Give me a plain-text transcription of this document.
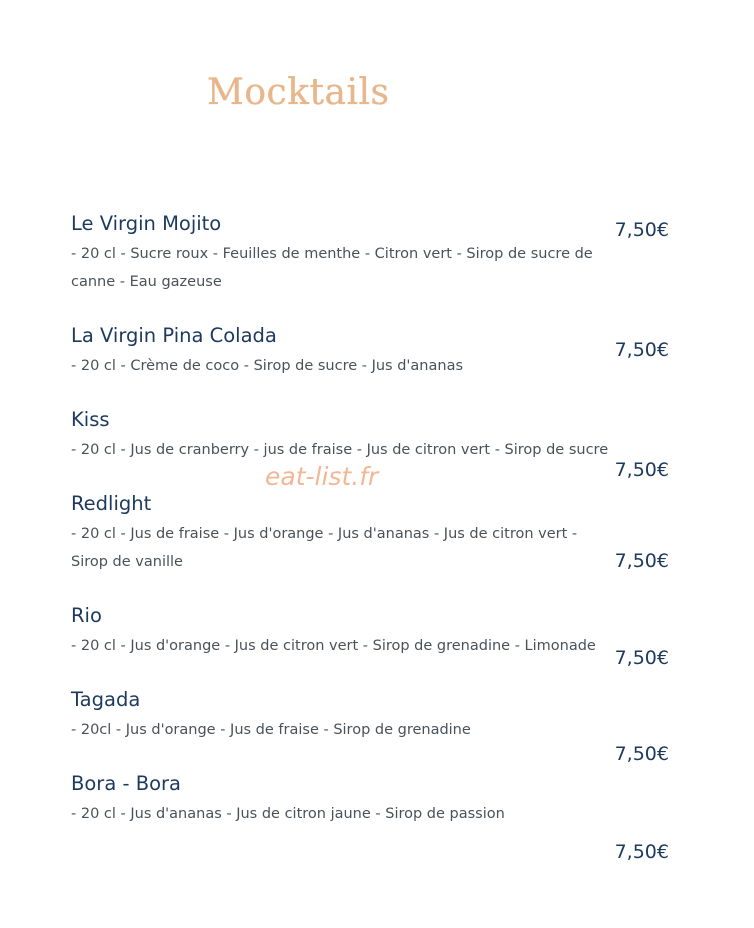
Mocktails
Le Virgin Mojito
- 20 cl - Sucre roux - Feuilles de menthe - Citron vert - Sirop de sucre de canne - Eau gazeuse
7,50€
La Virgin Pina Colada
- 20 cl - Crème de coco - Sirop de sucre - Jus d'ananas
7,50€
Kiss
- 20 cl - Jus de cranberry - jus de fraise - Jus de citron vert - Sirop de sucre
7,50€
Redlight
- 20 cl - Jus de fraise - Jus d'orange - Jus d'ananas - Jus de citron vert - Sirop de vanille	7,50€
Rio
- 20 cl - Jus d'orange - Jus de citron vert - Sirop de grenadine - Limonade
7,50€
Tagada
- 20cl - Jus d'orange - Jus de fraise - Sirop de grenadine
7,50€
Bora - Bora
- 20 cl - Jus d'ananas - Jus de citron jaune - Sirop de passion
7,50€
eat-list.fr
